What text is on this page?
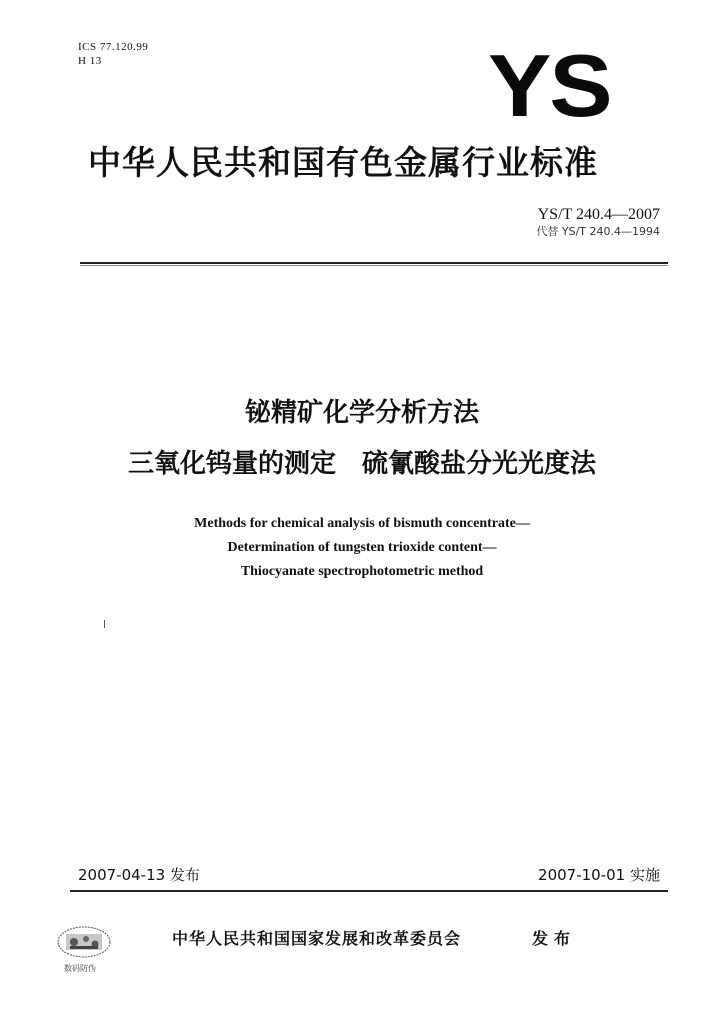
ICS 77.120.99
H 13	YS
中华人民共和国有色金属行业标准
YS/T 240.4—2007
代替 YS/T 240.4—1994
铋精矿化学分析方法
三氧化钨量的测定　硫氰酸盐分光光度法
Methods for chemical analysis of bismuth concentrate—
Determination of tungsten trioxide content—
Thiocyanate spectrophotometric method
2007-04-13 发布	2007-10-01 实施
数码防伪
中华人民共和国国家发展和改革委员会	发布
